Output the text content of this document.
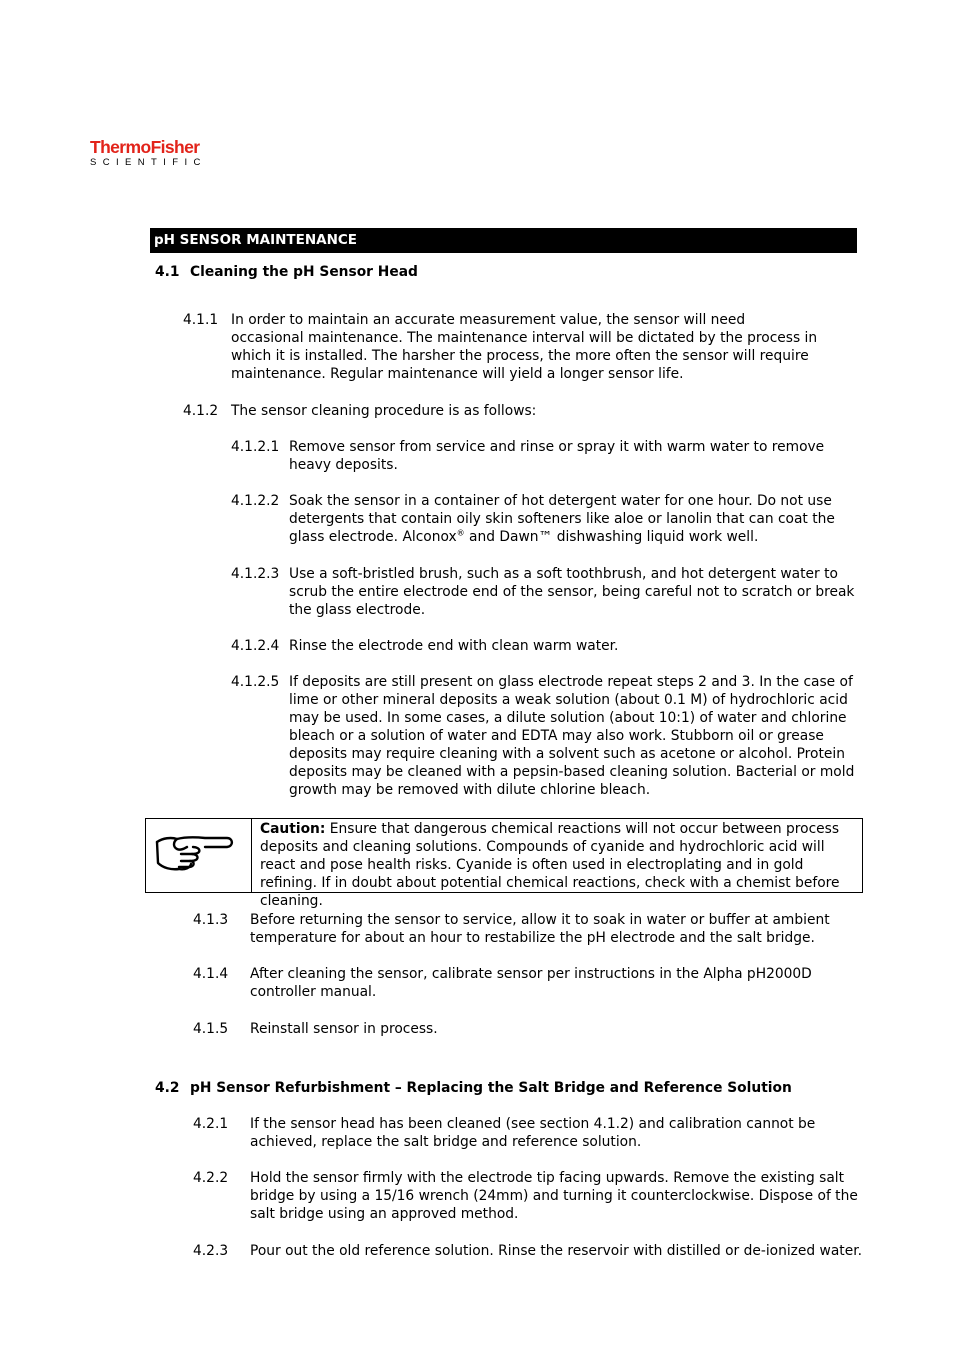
ThermoFisher
SCIENTIFIC
pH SENSOR MAINTENANCE
4.1 Cleaning the pH Sensor Head
4.1.1 In order to maintain an accurate measurement value, the sensor will need occasional maintenance. The maintenance interval will be dictated by the process in which it is installed. The harsher the process, the more often the sensor will require maintenance. Regular maintenance will yield a longer sensor life.
4.1.2 The sensor cleaning procedure is as follows:
4.1.2.1 Remove sensor from service and rinse or spray it with warm water to remove heavy deposits.
4.1.2.2 Soak the sensor in a container of hot detergent water for one hour. Do not use detergents that contain oily skin softeners like aloe or lanolin that can coat the glass electrode. Alconox® and Dawn™ dishwashing liquid work well.
4.1.2.3 Use a soft-bristled brush, such as a soft toothbrush, and hot detergent water to scrub the entire electrode end of the sensor, being careful not to scratch or break the glass electrode.
4.1.2.4 Rinse the electrode end with clean warm water.
4.1.2.5 If deposits are still present on glass electrode repeat steps 2 and 3. In the case of lime or other mineral deposits a weak solution (about 0.1 M) of hydrochloric acid may be used. In some cases, a dilute solution (about 10:1) of water and chlorine bleach or a solution of water and EDTA may also work. Stubborn oil or grease deposits may require cleaning with a solvent such as acetone or alcohol. Protein deposits may be cleaned with a pepsin-based cleaning solution. Bacterial or mold growth may be removed with dilute chlorine bleach.
Caution: Ensure that dangerous chemical reactions will not occur between process deposits and cleaning solutions. Compounds of cyanide and hydrochloric acid will react and pose health risks. Cyanide is often used in electroplating and in gold refining. If in doubt about potential chemical reactions, check with a chemist before cleaning.
4.1.3 Before returning the sensor to service, allow it to soak in water or buffer at ambient temperature for about an hour to restabilize the pH electrode and the salt bridge.
4.1.4 After cleaning the sensor, calibrate sensor per instructions in the Alpha pH2000D controller manual.
4.1.5 Reinstall sensor in process.
4.2 pH Sensor Refurbishment – Replacing the Salt Bridge and Reference Solution
4.2.1 If the sensor head has been cleaned (see section 4.1.2) and calibration cannot be achieved, replace the salt bridge and reference solution.
4.2.2 Hold the sensor firmly with the electrode tip facing upwards. Remove the existing salt bridge by using a 15/16 wrench (24mm) and turning it counterclockwise. Dispose of the salt bridge using an approved method.
4.2.3 Pour out the old reference solution. Rinse the reservoir with distilled or de-ionized water.
